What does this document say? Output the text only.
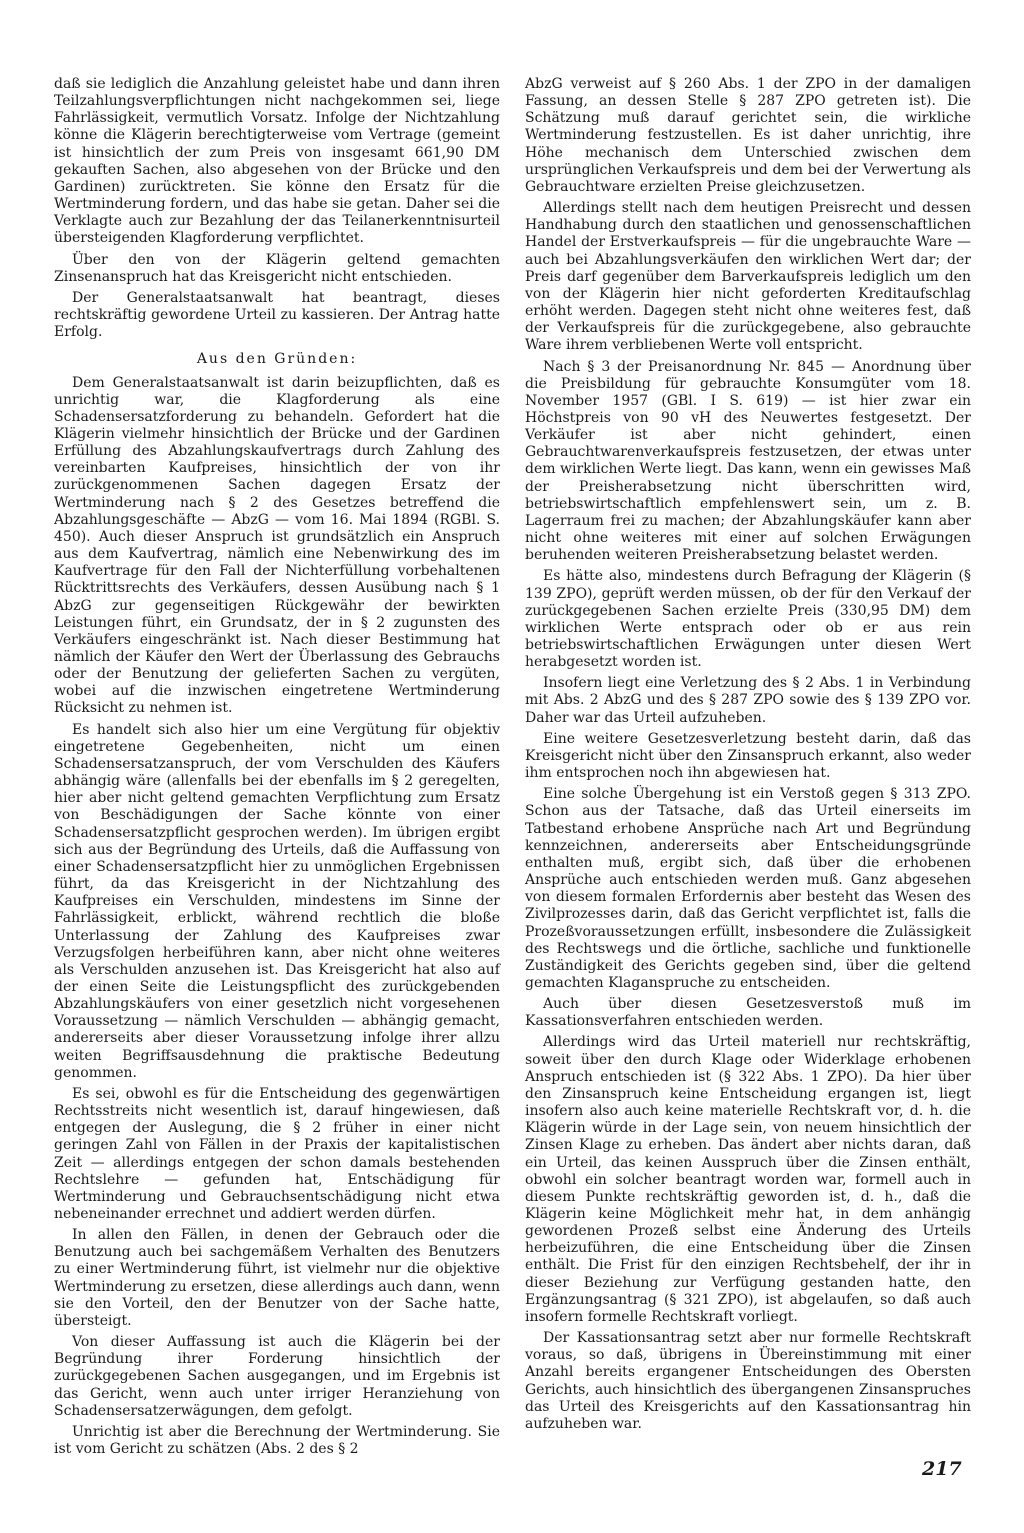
daß sie lediglich die Anzahlung geleistet habe und dann ihren Teilzahlungsverpflichtungen nicht nachgekommen sei, liege Fahrlässigkeit, vermutlich Vorsatz. Infolge der Nichtzahlung könne die Klägerin berechtigterweise vom Vertrage (gemeint ist hinsichtlich der zum Preis von insgesamt 661,90 DM gekauften Sachen, also abgesehen von der Brücke und den Gardinen) zurücktreten. Sie könne den Ersatz für die Wertminderung fordern, und das habe sie getan. Daher sei die Verklagte auch zur Bezahlung der das Teilanerkenntnisurteil übersteigenden Klagforderung verpflichtet.

Über den von der Klägerin geltend gemachten Zinsenanspruch hat das Kreisgericht nicht entschieden.

Der Generalstaatsanwalt hat beantragt, dieses rechtskräftig gewordene Urteil zu kassieren. Der Antrag hatte Erfolg.

Aus den Gründen:

Dem Generalstaatsanwalt ist darin beizupflichten, daß es unrichtig war, die Klagforderung als eine Schadensersatzforderung zu behandeln. Gefordert hat die Klägerin vielmehr hinsichtlich der Brücke und der Gardinen Erfüllung des Abzahlungskaufvertrags durch Zahlung des vereinbarten Kaufpreises, hinsichtlich der von ihr zurückgenommenen Sachen dagegen Ersatz der Wertminderung nach § 2 des Gesetzes betreffend die Abzahlungsgeschäfte — AbzG — vom 16. Mai 1894 (RGBl. S. 450). Auch dieser Anspruch ist grundsätzlich ein Anspruch aus dem Kaufvertrag, nämlich eine Nebenwirkung des im Kaufvertrage für den Fall der Nichterfüllung vorbehaltenen Rücktrittsrechts des Verkäufers, dessen Ausübung nach § 1 AbzG zur gegenseitigen Rückgewähr der bewirkten Leistungen führt, ein Grundsatz, der in § 2 zugunsten des Verkäufers eingeschränkt ist. Nach dieser Bestimmung hat nämlich der Käufer den Wert der Überlassung des Gebrauchs oder der Benutzung der gelieferten Sachen zu vergüten, wobei auf die inzwischen eingetretene Wertminderung Rücksicht zu nehmen ist.

Es handelt sich also hier um eine Vergütung für objektiv eingetretene Gegebenheiten, nicht um einen Schadensersatzanspruch, der vom Verschulden des Käufers abhängig wäre (allenfalls bei der ebenfalls im § 2 geregelten, hier aber nicht geltend gemachten Verpflichtung zum Ersatz von Beschädigungen der Sache könnte von einer Schadensersatzpflicht gesprochen werden). Im übrigen ergibt sich aus der Begründung des Urteils, daß die Auffassung von einer Schadensersatzpflicht hier zu unmöglichen Ergebnissen führt, da das Kreisgericht in der Nichtzahlung des Kaufpreises ein Verschulden, mindestens im Sinne der Fahrlässigkeit, erblickt, während rechtlich die bloße Unterlassung der Zahlung des Kaufpreises zwar Verzugsfolgen herbeiführen kann, aber nicht ohne weiteres als Verschulden anzusehen ist. Das Kreisgericht hat also auf der einen Seite die Leistungspflicht des zurückgebenden Abzahlungskäufers von einer gesetzlich nicht vorgesehenen Voraussetzung — nämlich Verschulden — abhängig gemacht, andererseits aber dieser Voraussetzung infolge ihrer allzu weiten Begriffsausdehnung die praktische Bedeutung genommen.

Es sei, obwohl es für die Entscheidung des gegenwärtigen Rechtsstreits nicht wesentlich ist, darauf hingewiesen, daß entgegen der Auslegung, die § 2 früher in einer nicht geringen Zahl von Fällen in der Praxis der kapitalistischen Zeit — allerdings entgegen der schon damals bestehenden Rechtslehre — gefunden hat, Entschädigung für Wertminderung und Gebrauchsentschädigung nicht etwa nebeneinander errechnet und addiert werden dürfen.

In allen den Fällen, in denen der Gebrauch oder die Benutzung auch bei sachgemäßem Verhalten des Benutzers zu einer Wertminderung führt, ist vielmehr nur die objektive Wertminderung zu ersetzen, diese allerdings auch dann, wenn sie den Vorteil, den der Benutzer von der Sache hatte, übersteigt.

Von dieser Auffassung ist auch die Klägerin bei der Begründung ihrer Forderung hinsichtlich der zurückgegebenen Sachen ausgegangen, und im Ergebnis ist das Gericht, wenn auch unter irriger Heranziehung von Schadensersatzerwägungen, dem gefolgt.

Unrichtig ist aber die Berechnung der Wertminderung. Sie ist vom Gericht zu schätzen (Abs. 2 des § 2

AbzG verweist auf § 260 Abs. 1 der ZPO in der damaligen Fassung, an dessen Stelle § 287 ZPO getreten ist). Die Schätzung muß darauf gerichtet sein, die wirkliche Wertminderung festzustellen. Es ist daher unrichtig, ihre Höhe mechanisch dem Unterschied zwischen dem ursprünglichen Verkaufspreis und dem bei der Verwertung als Gebrauchtware erzielten Preise gleichzusetzen.

Allerdings stellt nach dem heutigen Preisrecht und dessen Handhabung durch den staatlichen und genossenschaftlichen Handel der Erstverkaufspreis — für die ungebrauchte Ware — auch bei Abzahlungsverkäufen den wirklichen Wert dar; der Preis darf gegenüber dem Barverkaufspreis lediglich um den von der Klägerin hier nicht geforderten Kreditaufschlag erhöht werden. Dagegen steht nicht ohne weiteres fest, daß der Verkaufspreis für die zurückgegebene, also gebrauchte Ware ihrem verbliebenen Werte voll entspricht.

Nach § 3 der Preisanordnung Nr. 845 — Anordnung über die Preisbildung für gebrauchte Konsumgüter vom 18. November 1957 (GBl. I S. 619) — ist hier zwar ein Höchstpreis von 90 vH des Neuwertes festgesetzt. Der Verkäufer ist aber nicht gehindert, einen Gebrauchtwarenverkaufspreis festzusetzen, der etwas unter dem wirklichen Werte liegt. Das kann, wenn ein gewisses Maß der Preisherabsetzung nicht überschritten wird, betriebswirtschaftlich empfehlenswert sein, um z. B. Lagerraum frei zu machen; der Abzahlungskäufer kann aber nicht ohne weiteres mit einer auf solchen Erwägungen beruhenden weiteren Preisherabsetzung belastet werden.

Es hätte also, mindestens durch Befragung der Klägerin (§ 139 ZPO), geprüft werden müssen, ob der für den Verkauf der zurückgegebenen Sachen erzielte Preis (330,95 DM) dem wirklichen Werte entsprach oder ob er aus rein betriebswirtschaftlichen Erwägungen unter diesen Wert herabgesetzt worden ist.

Insofern liegt eine Verletzung des § 2 Abs. 1 in Verbindung mit Abs. 2 AbzG und des § 287 ZPO sowie des § 139 ZPO vor. Daher war das Urteil aufzuheben.

Eine weitere Gesetzesverletzung besteht darin, daß das Kreisgericht nicht über den Zinsanspruch erkannt, also weder ihm entsprochen noch ihn abgewiesen hat.

Eine solche Übergehung ist ein Verstoß gegen § 313 ZPO. Schon aus der Tatsache, daß das Urteil einerseits im Tatbestand erhobene Ansprüche nach Art und Begründung kennzeichnen, andererseits aber Entscheidungsgründe enthalten muß, ergibt sich, daß über die erhobenen Ansprüche auch entschieden werden muß. Ganz abgesehen von diesem formalen Erfordernis aber besteht das Wesen des Zivilprozesses darin, daß das Gericht verpflichtet ist, falls die Prozeßvoraussetzungen erfüllt, insbesondere die Zulässigkeit des Rechtswegs und die örtliche, sachliche und funktionelle Zuständigkeit des Gerichts gegeben sind, über die geltend gemachten Klaganspruche zu entscheiden.

Auch über diesen Gesetzesverstoß muß im Kassationsverfahren entschieden werden.

Allerdings wird das Urteil materiell nur rechtskräftig, soweit über den durch Klage oder Widerklage erhobenen Anspruch entschieden ist (§ 322 Abs. 1 ZPO). Da hier über den Zinsanspruch keine Entscheidung ergangen ist, liegt insofern also auch keine materielle Rechtskraft vor, d. h. die Klägerin würde in der Lage sein, von neuem hinsichtlich der Zinsen Klage zu erheben. Das ändert aber nichts daran, daß ein Urteil, das keinen Ausspruch über die Zinsen enthält, obwohl ein solcher beantragt worden war, formell auch in diesem Punkte rechtskräftig geworden ist, d. h., daß die Klägerin keine Möglichkeit mehr hat, in dem anhängig gewordenen Prozeß selbst eine Änderung des Urteils herbeizuführen, die eine Entscheidung über die Zinsen enthält. Die Frist für den einzigen Rechtsbehelf, der ihr in dieser Beziehung zur Verfügung gestanden hatte, den Ergänzungsantrag (§ 321 ZPO), ist abgelaufen, so daß auch insofern formelle Rechtskraft vorliegt.

Der Kassationsantrag setzt aber nur formelle Rechtskraft voraus, so daß, übrigens in Übereinstimmung mit einer Anzahl bereits ergangener Entscheidungen des Obersten Gerichts, auch hinsichtlich des übergangenen Zinsanspruches das Urteil des Kreisgerichts auf den Kassationsantrag hin aufzuheben war.

217
